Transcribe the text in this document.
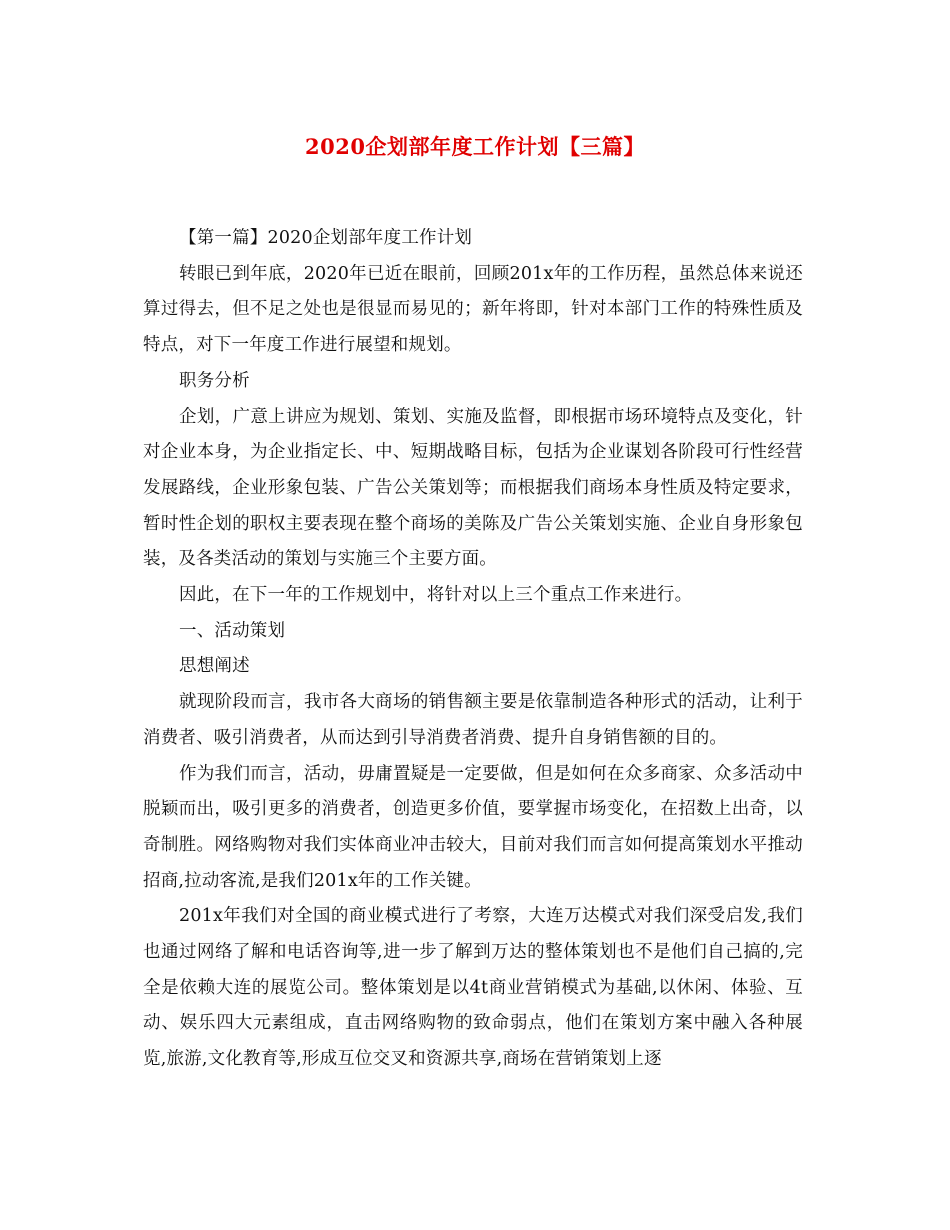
2020企划部年度工作计划【三篇】

【第一篇】2020企划部年度工作计划

转眼已到年底，2020年已近在眼前，回顾201x年的工作历程，虽然总体来说还算过得去，但不足之处也是很显而易见的；新年将即，针对本部门工作的特殊性质及特点，对下一年度工作进行展望和规划。

职务分析

企划，广意上讲应为规划、策划、实施及监督，即根据市场环境特点及变化，针对企业本身，为企业指定长、中、短期战略目标，包括为企业谋划各阶段可行性经营发展路线，企业形象包装、广告公关策划等；而根据我们商场本身性质及特定要求，暂时性企划的职权主要表现在整个商场的美陈及广告公关策划实施、企业自身形象包装，及各类活动的策划与实施三个主要方面。

因此，在下一年的工作规划中，将针对以上三个重点工作来进行。

一、活动策划

思想阐述

就现阶段而言，我市各大商场的销售额主要是依靠制造各种形式的活动，让利于消费者、吸引消费者，从而达到引导消费者消费、提升自身销售额的目的。

作为我们而言，活动，毋庸置疑是一定要做，但是如何在众多商家、众多活动中脱颖而出，吸引更多的消费者，创造更多价值，要掌握市场变化，在招数上出奇，以奇制胜。网络购物对我们实体商业冲击较大，目前对我们而言如何提高策划水平推动招商,拉动客流,是我们201x年的工作关键。

201x年我们对全国的商业模式进行了考察，大连万达模式对我们深受启发,我们也通过网络了解和电话咨询等,进一步了解到万达的整体策划也不是他们自己搞的,完全是依赖大连的展览公司。整体策划是以4t商业营销模式为基础,以休闲、体验、互动、娱乐四大元素组成，直击网络购物的致命弱点，他们在策划方案中融入各种展览,旅游,文化教育等,形成互位交叉和资源共享,商场在营销策划上逐
